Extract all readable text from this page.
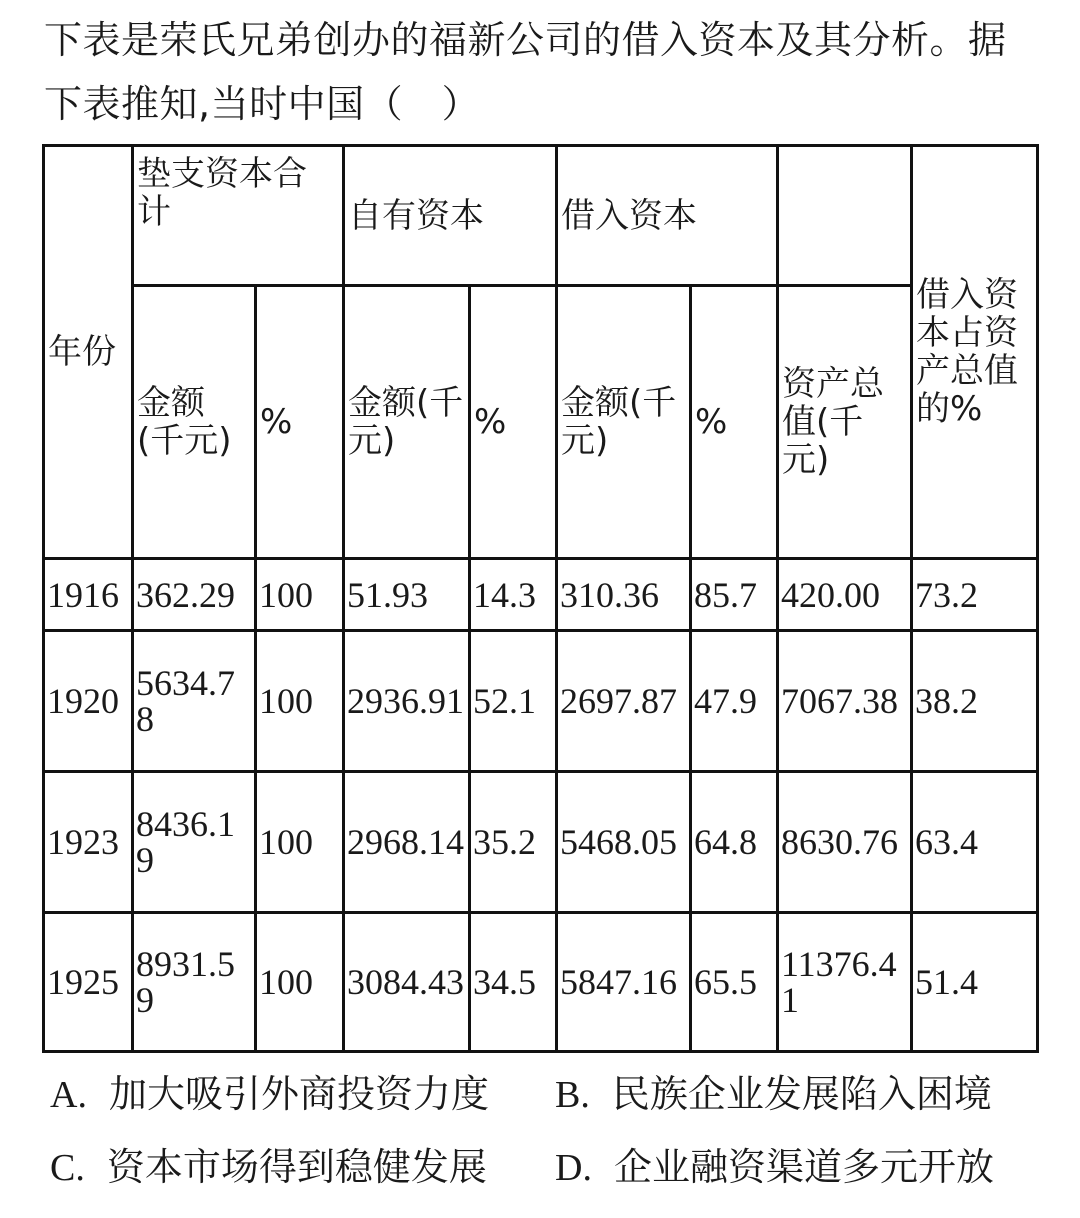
下表是荣氏兄弟创办的福新公司的借入资本及其分析。据下表推知,当时中国（　）
年份	垫支资本合计		自有资本		借入资本			借入资本占资产总值的%
	金额(千元)	%	金额(千元)	%	金额(千元)	%	资产总值(千元)	
1916	362.29	100	51.93	14.3	310.36	85.7	420.00	73.2
1920	5634.78	100	2936.91	52.1	2697.87	47.9	7067.38	38.2
1923	8436.19	100	2968.14	35.2	5468.05	64.8	8630.76	63.4
1925	8931.59	100	3084.43	34.5	5847.16	65.5	11376.41	51.4
A. 加大吸引外商投资力度	B. 民族企业发展陷入困境
C. 资本市场得到稳健发展	D. 企业融资渠道多元开放
